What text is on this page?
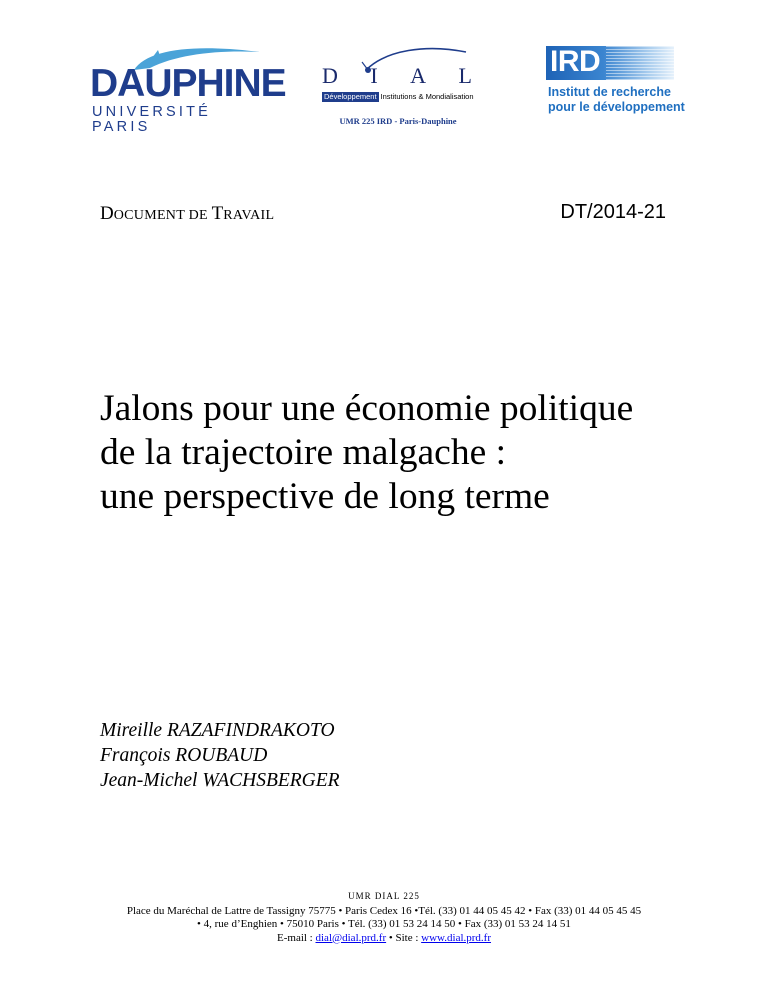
DAUPHINE
UNIVERSITÉ PARIS
D I A L
Développement Institutions & Mondialisation
UMR 225 IRD - Paris-Dauphine
IRD
Institut de recherche
pour le développement
DOCUMENT DE TRAVAIL	DT/2014-21
Jalons pour une économie politique
de la trajectoire malgache :
une perspective de long terme
Mireille RAZAFINDRAKOTO
François ROUBAUD
Jean-Michel WACHSBERGER
UMR DIAL 225
Place du Maréchal de Lattre de Tassigny 75775 • Paris Cedex 16 •Tél. (33) 01 44 05 45 42 • Fax (33) 01 44 05 45 45
• 4, rue d’Enghien • 75010 Paris • Tél. (33) 01 53 24 14 50 • Fax (33) 01 53 24 14 51
E-mail : dial@dial.prd.fr • Site : www.dial.prd.fr
